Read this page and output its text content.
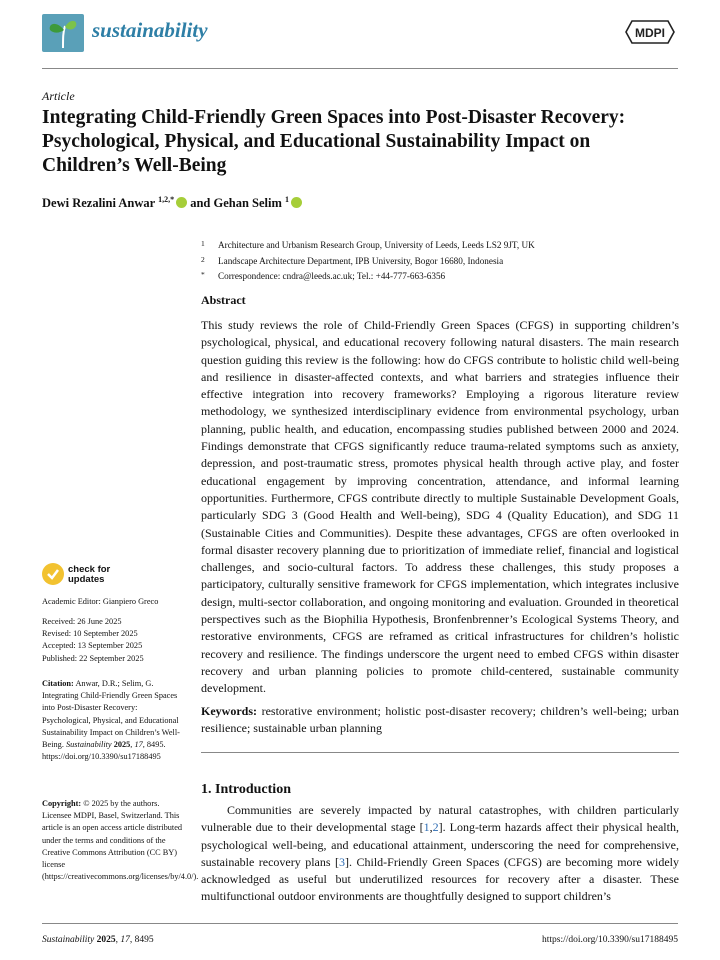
sustainability	MDPI
Article
Integrating Child-Friendly Green Spaces into Post-Disaster Recovery: Psychological, Physical, and Educational Sustainability Impact on Children’s Well-Being
Dewi Rezalini Anwar $^{1,2,*}$ and Gehan Selim $^1$
1 Architecture and Urbanism Research Group, University of Leeds, Leeds LS2 9JT, UK
2 Landscape Architecture Department, IPB University, Bogor 16680, Indonesia
* Correspondence: cndra@leeds.ac.uk; Tel.: +44-777-663-6356
Abstract
This study reviews the role of Child-Friendly Green Spaces (CFGS) in supporting children’s psychological, physical, and educational recovery following natural disasters. The main research question guiding this review is the following: how do CFGS contribute to holistic child well-being and resilience in disaster-affected contexts, and what barriers and strategies influence their effective integration into recovery frameworks? Employing a rigorous literature review methodology, we synthesized interdisciplinary evidence from environmental psychology, urban planning, public health, and education, encompassing studies published between 2000 and 2024. Findings demonstrate that CFGS significantly reduce trauma-related symptoms such as anxiety, depression, and post-traumatic stress, promotes physical health through active play, and foster educational engagement by improving concentration, attendance, and informal learning opportunities. Furthermore, CFGS contribute directly to multiple Sustainable Development Goals, particularly SDG 3 (Good Health and Well-being), SDG 4 (Quality Education), and SDG 11 (Sustainable Cities and Communities). Despite these advantages, CFGS are often overlooked in formal disaster recovery planning due to prioritization of immediate relief, financial and logistical challenges, and socio-cultural factors. To address these challenges, this study proposes a participatory, culturally sensitive framework for CFGS implementation, which integrates inclusive design, multi-sector collaboration, and ongoing monitoring and evaluation. Grounded in theoretical perspectives such as the Biophilia Hypothesis, Bronfenbrenner’s Ecological Systems Theory, and restorative environments, CFGS are reframed as critical infrastructures for children’s holistic recovery and resilience. The findings underscore the urgent need to embed CFGS within disaster recovery and urban planning policies to promote child-centered, sustainable community development.
Keywords: restorative environment; holistic post-disaster recovery; children’s well-being; urban resilience; sustainable urban planning
1. Introduction
Communities are severely impacted by natural catastrophes, with children particularly vulnerable due to their developmental stage [1,2]. Long-term hazards affect their physical health, psychological well-being, and educational attainment, underscoring the need for comprehensive, sustainable recovery plans [3]. Child-Friendly Green Spaces (CFGS) are becoming more widely acknowledged as useful but underutilized resources for recovery after a disaster. These multifunctional outdoor environments are thoughtfully designed to support children’s
check for
updates
Academic Editor: Gianpiero Greco
Received: 26 June 2025
Revised: 10 September 2025
Accepted: 13 September 2025
Published: 22 September 2025
Citation: Anwar, D.R.; Selim, G. Integrating Child-Friendly Green Spaces into Post-Disaster Recovery: Psychological, Physical, and Educational Sustainability Impact on Children’s Well-Being. Sustainability 2025, 17, 8495. https://doi.org/10.3390/su17188495
Copyright: © 2025 by the authors. Licensee MDPI, Basel, Switzerland. This article is an open access article distributed under the terms and conditions of the Creative Commons Attribution (CC BY) license (https://creativecommons.org/licenses/by/4.0/).
Sustainability 2025, 17, 8495	https://doi.org/10.3390/su17188495
